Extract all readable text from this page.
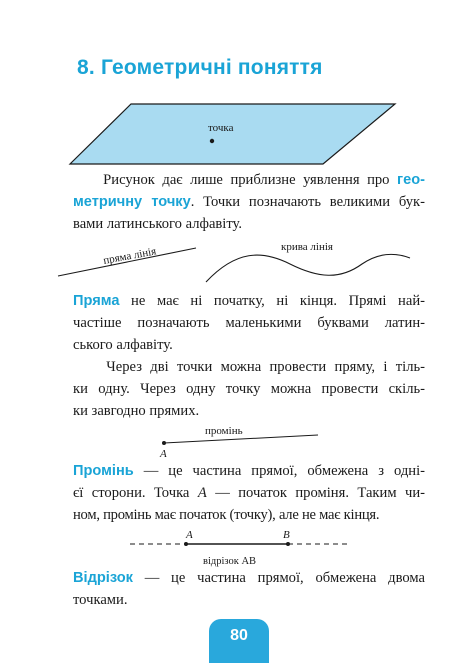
8. Геометричні поняття
точка
пряма лінія	крива лінія
промінь
A
A	B
відрізок AB
Рисунок дає лише приблизне уявлення про гео-
метричну точку. Точки позначають великими бук-
вами латинського алфавіту.
Пряма не має ні початку, ні кінця. Прямі най-
частіше позначають маленькими буквами латин-
ського алфавіту.
Через дві точки можна провести пряму, і тіль-
ки одну. Через одну точку можна провести скіль-
ки завгодно прямих.
Промінь — це частина прямої, обмежена з одні-
єї сторони. Точка A — початок проміня. Таким чи-
ном, промінь має початок (точку), але не має кінця.
Відрізок — це частина прямої, обмежена двома
точками.
80
